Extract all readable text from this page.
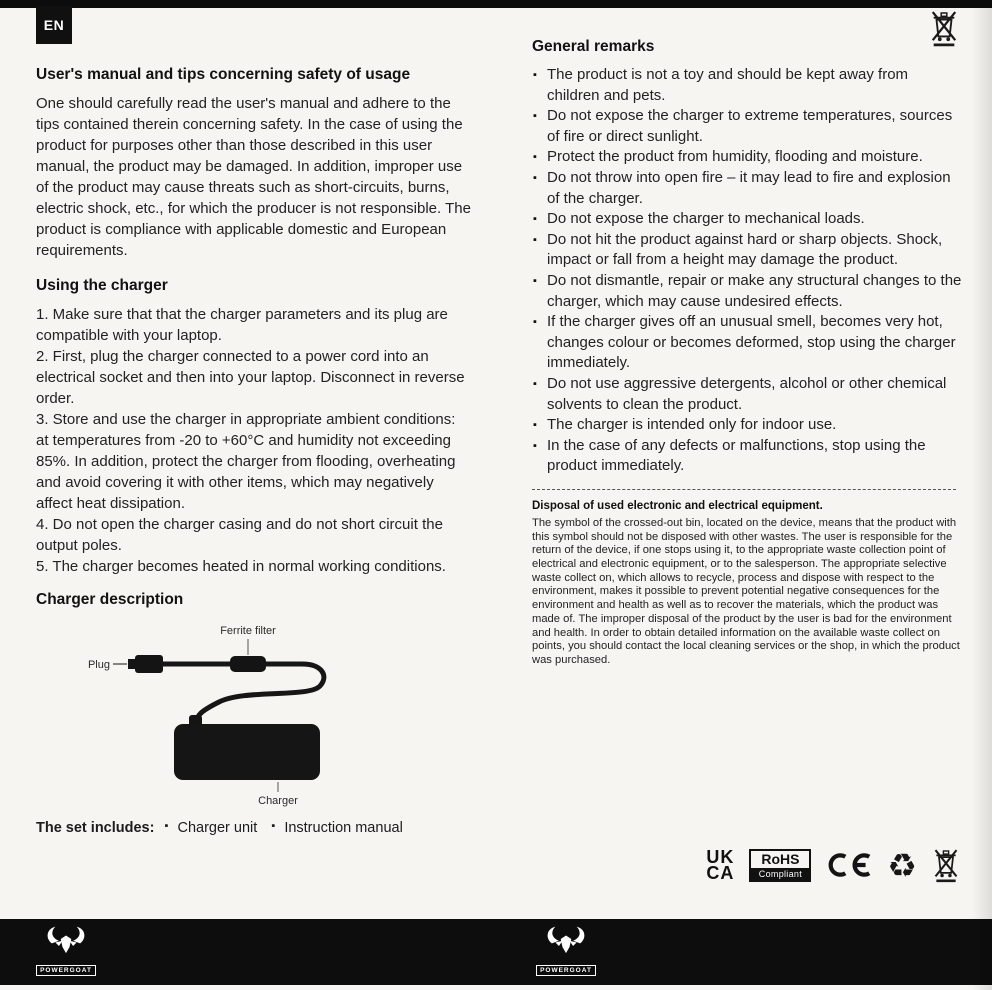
EN
User's manual and tips concerning safety of usage

One should carefully read the user's manual and adhere to the tips contained therein concerning safety. In the case of using the product for purposes other than those described in this user manual, the product may be damaged. In addition, improper use of the product may cause threats such as short-circuits, burns, electric shock, etc., for which the producer is not responsible. The product is compliance with applicable domestic and European requirements.

Using the charger
1. Make sure that that the charger parameters and its plug are compatible with your laptop.
2. First, plug the charger connected to a power cord into an electrical socket and then into your laptop. Disconnect in reverse order.
3. Store and use the charger in appropriate ambient conditions: at temperatures from -20 to +60°C and humidity not exceeding 85%. In addition, protect the charger from flooding, overheating and avoid covering it with other items, which may negatively affect heat dissipation.
4. Do not open the charger casing and do not short circuit the output poles.
5. The charger becomes heated in normal working conditions.
Charger description
Ferrite filter
Plug
Charger
The set includes: ▪ Charger unit ▪ Instruction manual
General remarks
▪ The product is not a toy and should be kept away from children and pets.
▪ Do not expose the charger to extreme temperatures, sources of fire or direct sunlight.
▪ Protect the product from humidity, flooding and moisture.
▪ Do not throw into open fire – it may lead to fire and explosion of the charger.
▪ Do not expose the charger to mechanical loads.
▪ Do not hit the product against hard or sharp objects. Shock, impact or fall from a height may damage the product.
▪ Do not dismantle, repair or make any structural changes to the charger, which may cause undesired effects.
▪ If the charger gives off an unusual smell, becomes very hot, changes colour or becomes deformed, stop using the charger immediately.
▪ Do not use aggressive detergents, alcohol or other chemical solvents to clean the product.
▪ The charger is intended only for indoor use.
▪ In the case of any defects or malfunctions, stop using the product immediately.
Disposal of used electronic and electrical equipment.
The symbol of the crossed-out bin, located on the device, means that the product with this symbol should not be disposed with other wastes. The user is responsible for the return of the device, if one stops using it, to the appropriate waste collection point of electrical and electronic equipment, or to the salesperson. The appropriate selective waste collect on, which allows to recycle, process and dispose with respect to the environment, makes it possible to prevent potential negative consequences for the environment and health as well as to recover the materials, which the product was made of. The improper disposal of the product by the user is bad for the environment and health. In order to obtain detailed information on the available waste collect on points, you should contact the local cleaning services or the shop, in which the product was purchased.
UK
CA
RoHS
Compliant	♻
POWERGOAT	POWERGOAT
